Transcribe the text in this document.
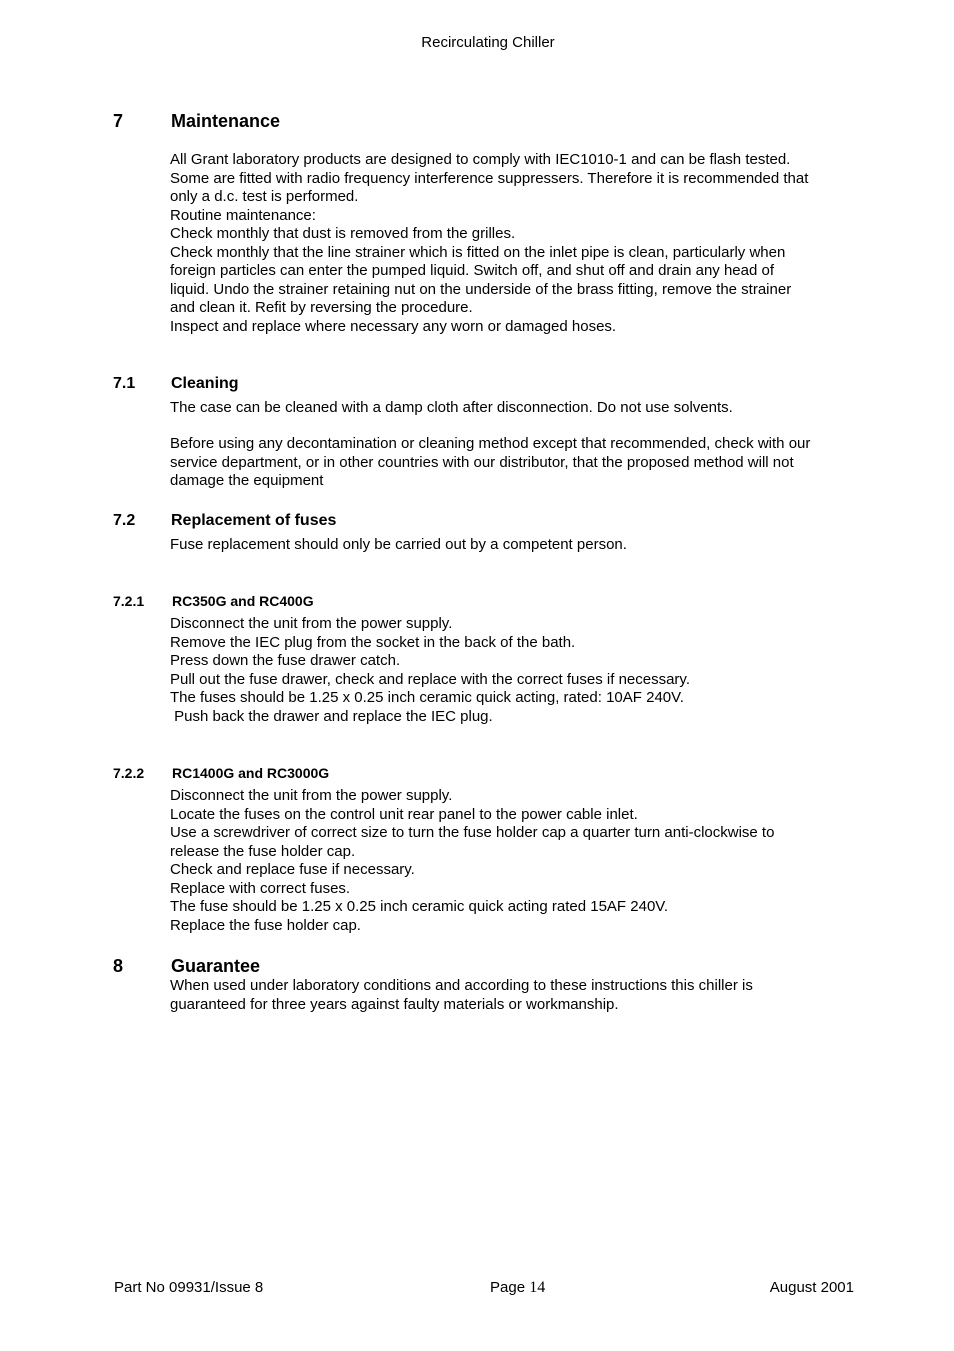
Recirculating Chiller
7	Maintenance
All Grant laboratory products are designed to comply with IEC1010-1 and can be flash tested.
Some are fitted with radio frequency interference suppressers. Therefore it is recommended that
only a d.c. test is performed.
Routine maintenance:
Check monthly that dust is removed from the grilles.
Check monthly that the line strainer which is fitted on the inlet pipe is clean, particularly when
foreign particles can enter the pumped liquid. Switch off, and shut off and drain any head of
liquid. Undo the strainer retaining nut on the underside of the brass fitting, remove the strainer
and clean it. Refit by reversing the procedure.
Inspect and replace where necessary any worn or damaged hoses.
7.1 Cleaning
The case can be cleaned with a damp cloth after disconnection. Do not use solvents.
Before using any decontamination or cleaning method except that recommended, check with our
service department, or in other countries with our distributor, that the proposed method will not
damage the equipment
7.2 Replacement of fuses
Fuse replacement should only be carried out by a competent person.
7.2.1 RC350G and RC400G
Disconnect the unit from the power supply.
Remove the IEC plug from the socket in the back of the bath.
Press down the fuse drawer catch.
Pull out the fuse drawer, check and replace with the correct fuses if necessary.
The fuses should be 1.25 x 0.25 inch ceramic quick acting, rated: 10AF 240V.
Push back the drawer and replace the IEC plug.
7.2.2 RC1400G and RC3000G
Disconnect the unit from the power supply.
Locate the fuses on the control unit rear panel to the power cable inlet.
Use a screwdriver of correct size to turn the fuse holder cap a quarter turn anti-clockwise to
release the fuse holder cap.
Check and replace fuse if necessary.
Replace with correct fuses.
The fuse should be 1.25 x 0.25 inch ceramic quick acting rated 15AF 240V.
Replace the fuse holder cap.
8	Guarantee
When used under laboratory conditions and according to these instructions this chiller is
guaranteed for three years against faulty materials or workmanship.
Part No 09931/Issue 8	Page 14	August 2001
